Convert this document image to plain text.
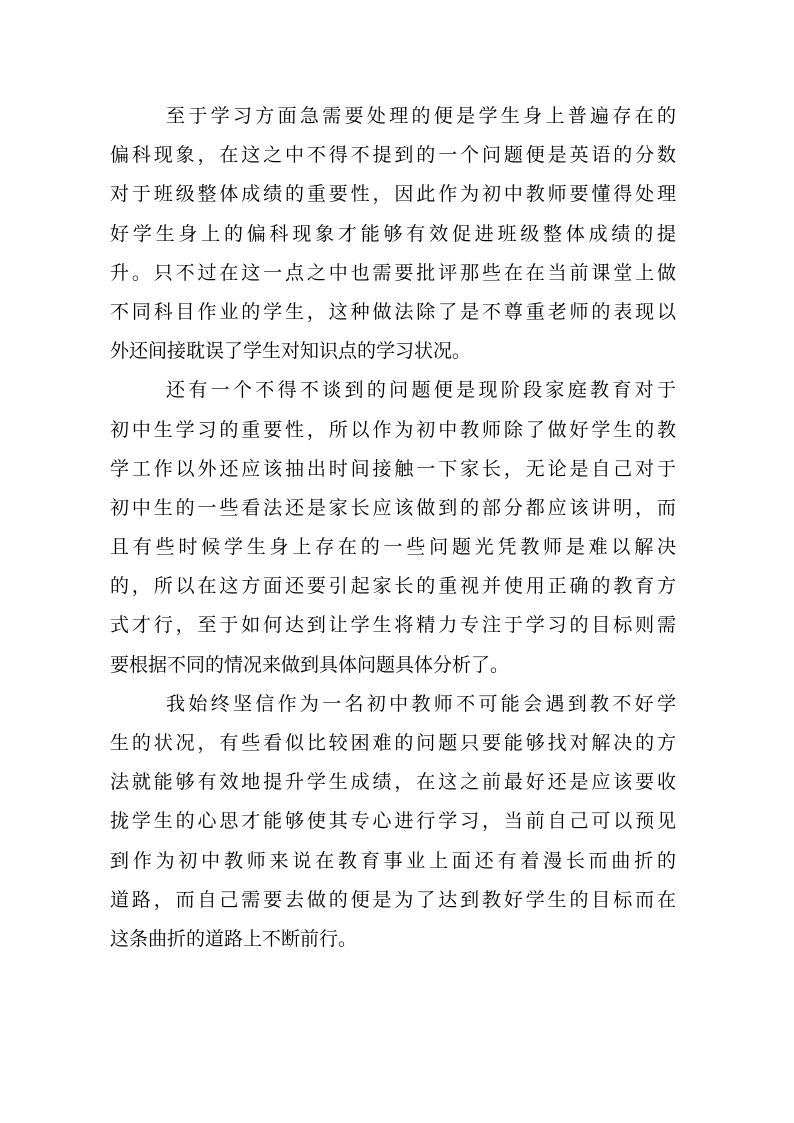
至于学习方面急需要处理的便是学生身上普遍存在的
偏科现象，在这之中不得不提到的一个问题便是英语的分数
对于班级整体成绩的重要性，因此作为初中教师要懂得处理
好学生身上的偏科现象才能够有效促进班级整体成绩的提
升。只不过在这一点之中也需要批评那些在在当前课堂上做
不同科目作业的学生，这种做法除了是不尊重老师的表现以
外还间接耽误了学生对知识点的学习状况。
还有一个不得不谈到的问题便是现阶段家庭教育对于
初中生学习的重要性，所以作为初中教师除了做好学生的教
学工作以外还应该抽出时间接触一下家长，无论是自己对于
初中生的一些看法还是家长应该做到的部分都应该讲明，而
且有些时候学生身上存在的一些问题光凭教师是难以解决
的，所以在这方面还要引起家长的重视并使用正确的教育方
式才行，至于如何达到让学生将精力专注于学习的目标则需
要根据不同的情况来做到具体问题具体分析了。
我始终坚信作为一名初中教师不可能会遇到教不好学
生的状况，有些看似比较困难的问题只要能够找对解决的方
法就能够有效地提升学生成绩，在这之前最好还是应该要收
拢学生的心思才能够使其专心进行学习，当前自己可以预见
到作为初中教师来说在教育事业上面还有着漫长而曲折的
道路，而自己需要去做的便是为了达到教好学生的目标而在
这条曲折的道路上不断前行。
